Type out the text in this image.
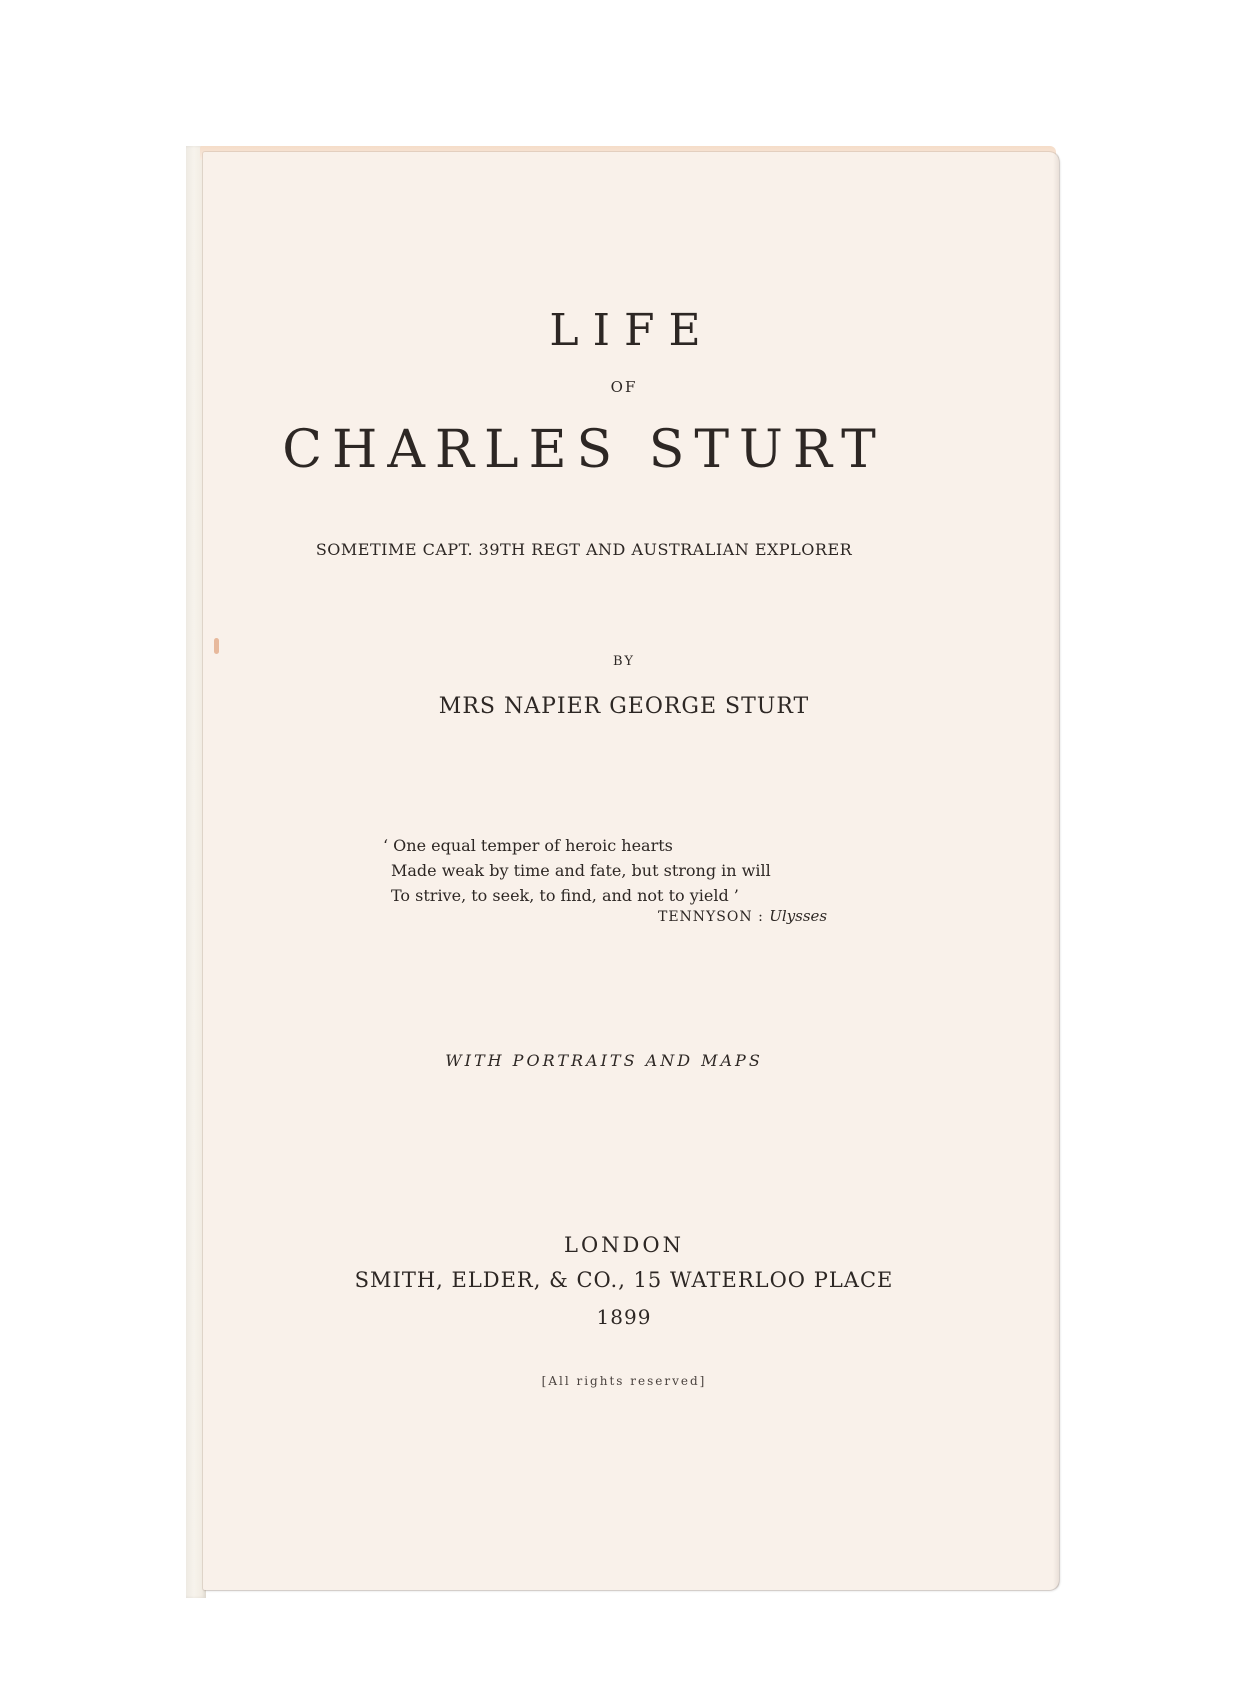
LIFE
OF
CHARLES STURT
SOMETIME CAPT. 39TH REGT AND AUSTRALIAN EXPLORER
BY
MRS NAPIER GEORGE STURT
‘ One equal temper of heroic hearts
Made weak by time and fate, but strong in will
To strive, to seek, to find, and not to yield ’
TENNYSON : Ulysses
WITH PORTRAITS AND MAPS
LONDON
SMITH, ELDER, & CO., 15 WATERLOO PLACE
1899
[All rights reserved]
